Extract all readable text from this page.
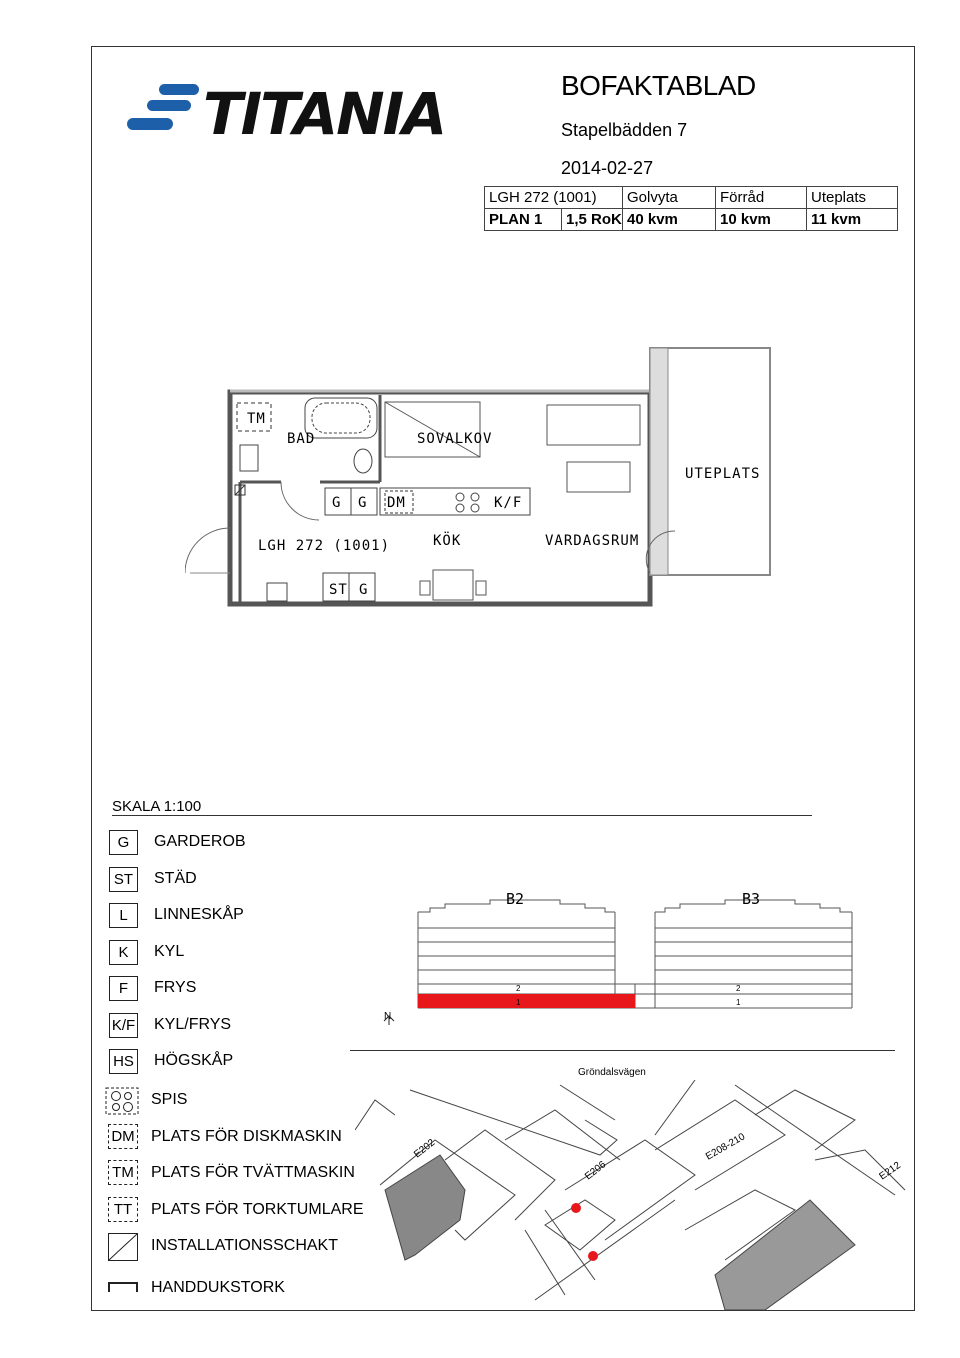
TITANIA	BOFAKTABLAD
Stapelbädden 7
2014-02-27
LGH 272 (1001)		Golvyta	Förråd	Uteplats
PLAN 1	1,5 RoK	40 kvm	10 kvm	11 kvm
TM
BAD	SOVALKOV
UTEPLATS
G G DM	K/F
LGH 272 (1001)	KÖK	VARDAGSRUM
ST G
SKALA 1:100
G	GARDEROB
ST	STÄD
L	LINNESKÅP
K	KYL
F	FRYS
K/F KYL/FRYS
HS HÖGSKÅP
SPIS
DM PLATS FÖR DISKMASKIN
TM PLATS FÖR TVÄTTMASKIN
TT	PLATS FÖR TORKTUMLARE
INSTALLATIONSSCHAKT
HANDDUKSTORK
B2	B3
2	2
1	1
N
Gröndalsvägen
E202
E206
E208-210
E212
